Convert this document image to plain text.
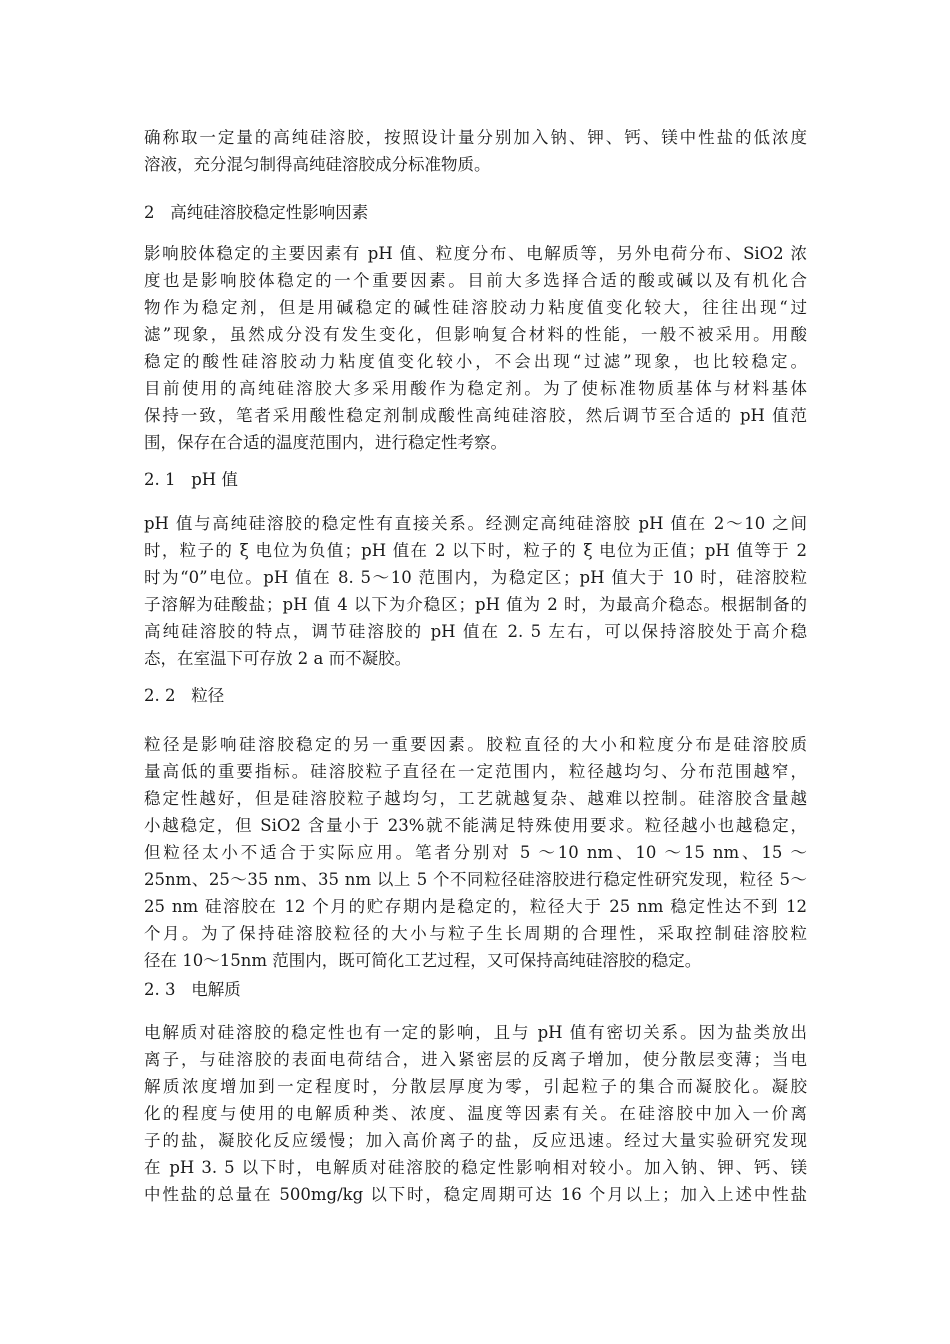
确称取一定量的高纯硅溶胶，按照设计量分别加入钠、钾、钙、镁中性盐的低浓度
溶液，充分混匀制得高纯硅溶胶成分标准物质。
2   高纯硅溶胶稳定性影响因素
影响胶体稳定的主要因素有 pH 值、粒度分布、电解质等，另外电荷分布、SiO2 浓
度也是影响胶体稳定的一个重要因素。目前大多选择合适的酸或碱以及有机化合
物作为稳定剂，但是用碱稳定的碱性硅溶胶动力粘度值变化较大，往往出现“过
滤”现象，虽然成分没有发生变化，但影响复合材料的性能，一般不被采用。用酸
稳定的酸性硅溶胶动力粘度值变化较小，不会出现“过滤”现象，也比较稳定。
目前使用的高纯硅溶胶大多采用酸作为稳定剂。为了使标准物质基体与材料基体
保持一致，笔者采用酸性稳定剂制成酸性高纯硅溶胶，然后调节至合适的 pH 值范
围，保存在合适的温度范围内，进行稳定性考察。
2. 1   pH 值
pH 值与高纯硅溶胶的稳定性有直接关系。经测定高纯硅溶胶 pH 值在 2～10 之间
时，粒子的 ξ 电位为负值；pH 值在 2 以下时，粒子的 ξ 电位为正值；pH 值等于 2
时为“0”电位。pH 值在 8. 5～10 范围内，为稳定区；pH 值大于 10 时，硅溶胶粒
子溶解为硅酸盐；pH 值 4 以下为介稳区；pH 值为 2 时，为最高介稳态。根据制备的
高纯硅溶胶的特点，调节硅溶胶的 pH 值在 2. 5 左右，可以保持溶胶处于高介稳
态，在室温下可存放 2 a 而不凝胶。
2. 2   粒径
粒径是影响硅溶胶稳定的另一重要因素。胶粒直径的大小和粒度分布是硅溶胶质
量高低的重要指标。硅溶胶粒子直径在一定范围内，粒径越均匀、分布范围越窄，
稳定性越好，但是硅溶胶粒子越均匀，工艺就越复杂、越难以控制。硅溶胶含量越
小越稳定，但 SiO2 含量小于 23%就不能满足特殊使用要求。粒径越小也越稳定，
但粒径太小不适合于实际应用。笔者分别对 5 ～10 nm、10 ～15 nm、15 ～
25nm、25～35 nm、35 nm 以上 5 个不同粒径硅溶胶进行稳定性研究发现，粒径 5～
25 nm 硅溶胶在 12 个月的贮存期内是稳定的，粒径大于 25 nm 稳定性达不到 12
个月。为了保持硅溶胶粒径的大小与粒子生长周期的合理性，采取控制硅溶胶粒
径在 10～15nm 范围内，既可简化工艺过程，又可保持高纯硅溶胶的稳定。
2. 3   电解质
电解质对硅溶胶的稳定性也有一定的影响，且与 pH 值有密切关系。因为盐类放出
离子，与硅溶胶的表面电荷结合，进入紧密层的反离子增加，使分散层变薄；当电
解质浓度增加到一定程度时，分散层厚度为零，引起粒子的集合而凝胶化。凝胶
化的程度与使用的电解质种类、浓度、温度等因素有关。在硅溶胶中加入一价离
子的盐，凝胶化反应缓慢；加入高价离子的盐，反应迅速。经过大量实验研究发现
在 pH 3. 5 以下时，电解质对硅溶胶的稳定性影响相对较小。加入钠、钾、钙、镁
中性盐的总量在 500mg/kg 以下时，稳定周期可达 16 个月以上；加入上述中性盐
